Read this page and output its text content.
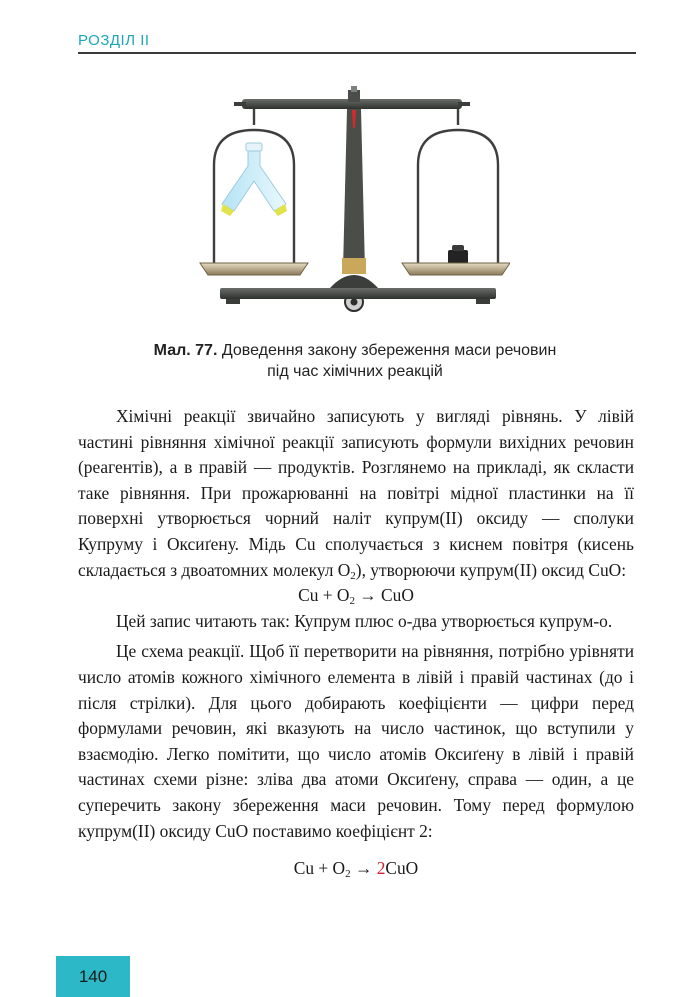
РОЗДІЛ ІІ
Мал. 77. Доведення закону збереження маси речовин
під час хімічних реакцій

Хімічні реакції звичайно записують у вигляді рівнянь. У лівій частині рівняння хімічної реакції записують формули вихідних речовин (реагентів), а в правій — продуктів. Розглянемо на прикладі, як скласти таке рівняння. При прожарюванні на повітрі мідної пластинки на її поверхні утворюється чорний наліт купрум(ІІ) оксиду — сполуки Купруму і Оксиґену. Мідь Cu сполучається з киснем повітря (кисень складається з двоатомних молекул $O_2$), утворюючи купрум(ІІ) оксид CuO:

$Cu + O_2$ → CuO

Цей запис читають так: Купрум плюс о-два утворюється купрум-о.

Це схема реакції. Щоб її перетворити на рівняння, потрібно урівняти число атомів кожного хімічного елемента в лівій і правій частинах (до і після стрілки). Для цього добирають коефіцієнти — цифри перед формулами речовин, які вказують на число частинок, що вступили у взаємодію. Легко помітити, що число атомів Оксиґену в лівій і правій частинах схеми різне: зліва два атоми Оксиґену, справа — один, а це суперечить закону збереження маси речовин. Тому перед формулою купрум(ІІ) оксиду CuO поставимо коефіцієнт 2:

$Cu + O_2 \to 2CuO$

140
